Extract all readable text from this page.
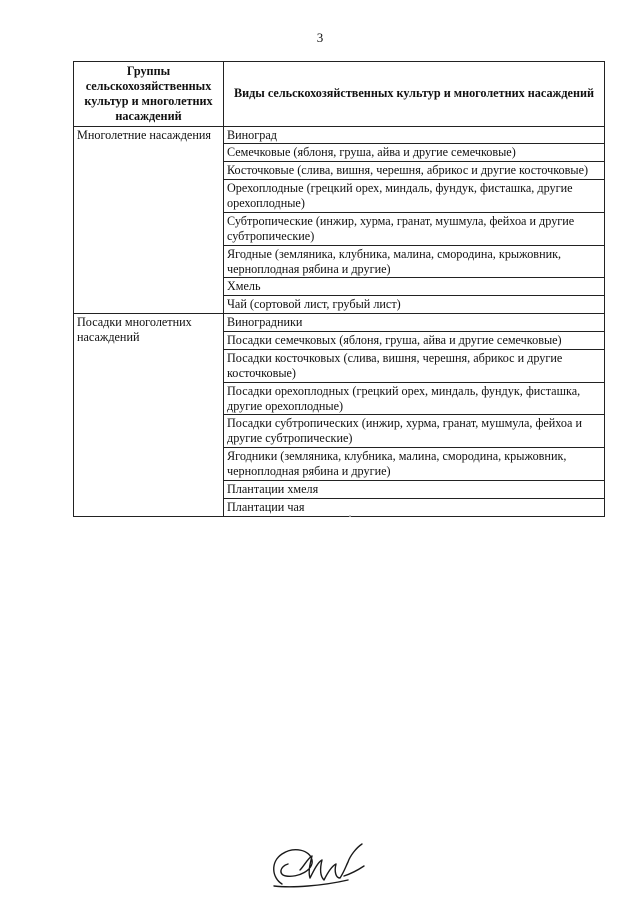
3
Группы сельскохозяйственных культур и многолетних насаждений	Виды сельскохозяйственных культур и многолетних насаждений
Многолетние насаждения	Виноград
	Семечковые (яблоня, груша, айва и другие семечковые)
	Косточковые (слива, вишня, черешня, абрикос и другие косточковые)
	Орехоплодные (грецкий орех, миндаль, фундук, фисташка, другие орехоплодные)
	Субтропические (инжир, хурма, гранат, мушмула, фейхоа и другие субтропические)
	Ягодные (земляника, клубника, малина, смородина, крыжовник, черноплодная рябина и другие)
	Хмель
	Чай (сортовой лист, грубый лист)
Посадки многолетних насаждений	Виноградники
	Посадки семечковых (яблоня, груша, айва и другие семечковые)
	Посадки косточковых (слива, вишня, черешня, абрикос и другие косточковые)
	Посадки орехоплодных (грецкий орех, миндаль, фундук, фисташка, другие орехоплодные)
	Посадки субтропических (инжир, хурма, гранат, мушмула, фейхоа и другие субтропические)
	Ягодники (земляника, клубника, малина, смородина, крыжовник, черноплодная рябина и другие)
	Плантации хмеля
	Плантации чая
